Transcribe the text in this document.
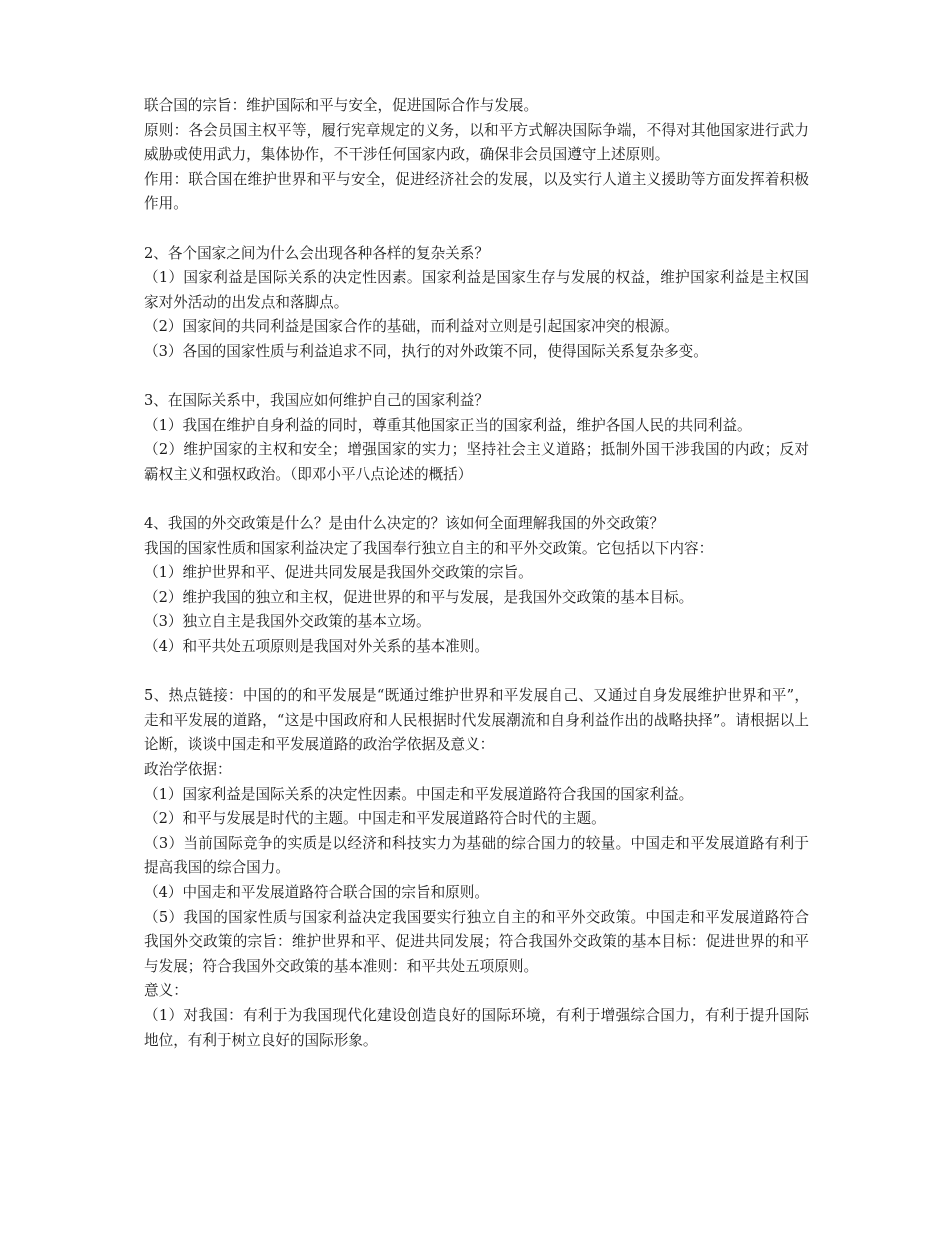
联合国的宗旨：维护国际和平与安全，促进国际合作与发展。

原则：各会员国主权平等，履行宪章规定的义务，以和平方式解决国际争端，不得对其他国家进行武力威胁或使用武力，集体协作，不干涉任何国家内政，确保非会员国遵守上述原则。

作用：联合国在维护世界和平与安全，促进经济社会的发展，以及实行人道主义援助等方面发挥着积极作用。

2、各个国家之间为什么会出现各种各样的复杂关系？

（1）国家利益是国际关系的决定性因素。国家利益是国家生存与发展的权益，维护国家利益是主权国家对外活动的出发点和落脚点。

（2）国家间的共同利益是国家合作的基础，而利益对立则是引起国家冲突的根源。

（3）各国的国家性质与利益追求不同，执行的对外政策不同，使得国际关系复杂多变。

3、在国际关系中，我国应如何维护自己的国家利益？

（1）我国在维护自身利益的同时，尊重其他国家正当的国家利益，维护各国人民的共同利益。

（2）维护国家的主权和安全；增强国家的实力；坚持社会主义道路；抵制外国干涉我国的内政；反对霸权主义和强权政治。（即邓小平八点论述的概括）

4、我国的外交政策是什么？是由什么决定的？该如何全面理解我国的外交政策？

我国的国家性质和国家利益决定了我国奉行独立自主的和平外交政策。它包括以下内容：

（1）维护世界和平、促进共同发展是我国外交政策的宗旨。

（2）维护我国的独立和主权，促进世界的和平与发展，是我国外交政策的基本目标。

（3）独立自主是我国外交政策的基本立场。

（4）和平共处五项原则是我国对外关系的基本准则。

5、热点链接：中国的的和平发展是“既通过维护世界和平发展自己、又通过自身发展维护世界和平”，走和平发展的道路，“这是中国政府和人民根据时代发展潮流和自身利益作出的战略抉择”。请根据以上论断，谈谈中国走和平发展道路的政治学依据及意义：

政治学依据：

（1）国家利益是国际关系的决定性因素。中国走和平发展道路符合我国的国家利益。

（2）和平与发展是时代的主题。中国走和平发展道路符合时代的主题。

（3）当前国际竞争的实质是以经济和科技实力为基础的综合国力的较量。中国走和平发展道路有利于提高我国的综合国力。

（4）中国走和平发展道路符合联合国的宗旨和原则。

（5）我国的国家性质与国家利益决定我国要实行独立自主的和平外交政策。中国走和平发展道路符合我国外交政策的宗旨：维护世界和平、促进共同发展；符合我国外交政策的基本目标：促进世界的和平与发展；符合我国外交政策的基本准则：和平共处五项原则。

意义：

（1）对我国：有利于为我国现代化建设创造良好的国际环境，有利于增强综合国力，有利于提升国际地位，有利于树立良好的国际形象。
